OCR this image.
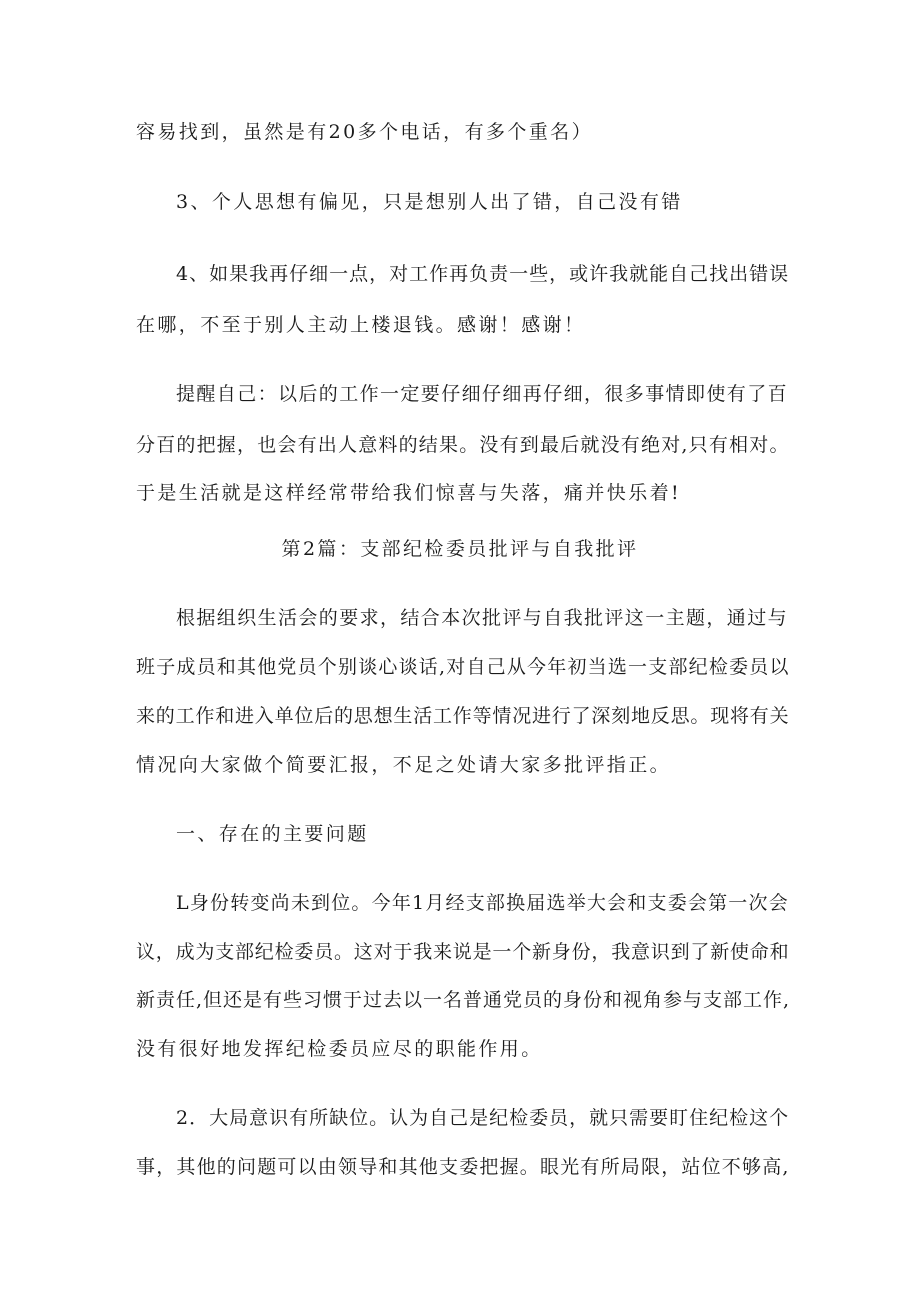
容易找到，虽然是有20多个电话，有多个重名）
3、个人思想有偏见，只是想别人出了错，自己没有错
4、如果我再仔细一点，对工作再负责一些，或许我就能自己找出错误
在哪，不至于别人主动上楼退钱。感谢！感谢！
提醒自己：以后的工作一定要仔细仔细再仔细，很多事情即使有了百
分百的把握，也会有出人意料的结果。没有到最后就没有绝对,只有相对。
于是生活就是这样经常带给我们惊喜与失落，痛并快乐着!
第2篇：支部纪检委员批评与自我批评
根据组织生活会的要求，结合本次批评与自我批评这一主题，通过与
班子成员和其他党员个别谈心谈话,对自己从今年初当选一支部纪检委员以
来的工作和进入单位后的思想生活工作等情况进行了深刻地反思。现将有关
情况向大家做个简要汇报，不足之处请大家多批评指正。
一、存在的主要问题
L身份转变尚未到位。今年1月经支部换届选举大会和支委会第一次会
议，成为支部纪检委员。这对于我来说是一个新身份，我意识到了新使命和
新责任,但还是有些习惯于过去以一名普通党员的身份和视角参与支部工作,
没有很好地发挥纪检委员应尽的职能作用。
2．大局意识有所缺位。认为自己是纪检委员，就只需要盯住纪检这个
事，其他的问题可以由领导和其他支委把握。眼光有所局限，站位不够高,
